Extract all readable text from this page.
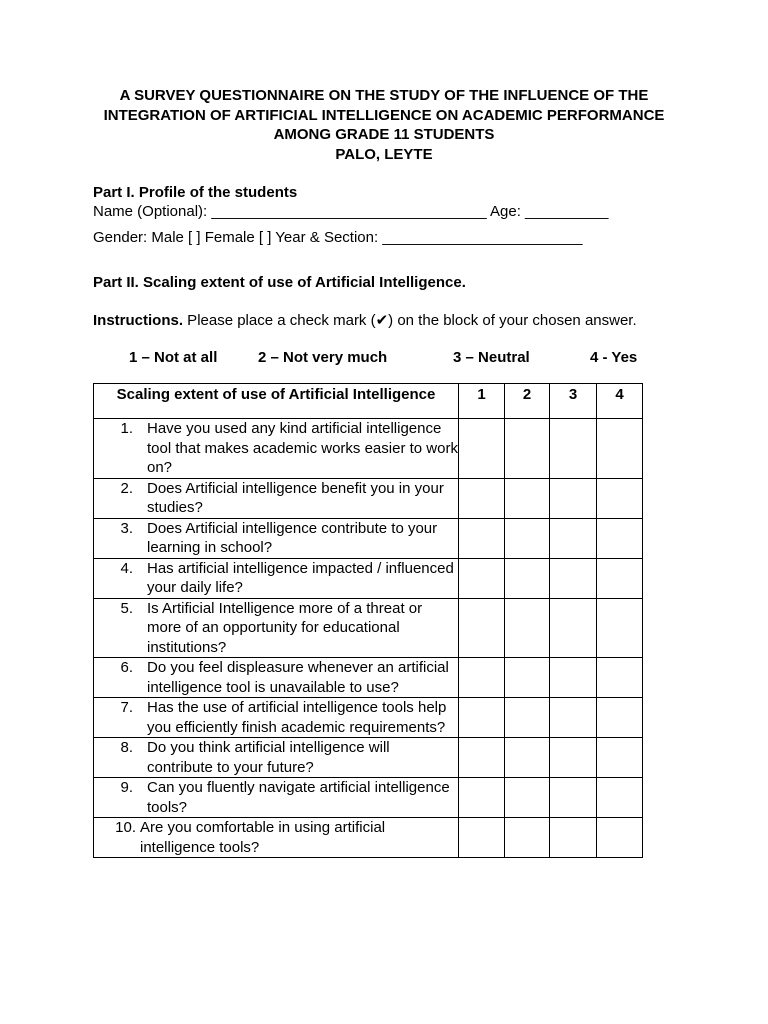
A SURVEY QUESTIONNAIRE ON THE STUDY OF THE INFLUENCE OF THE
INTEGRATION OF ARTIFICIAL INTELLIGENCE ON ACADEMIC PERFORMANCE
AMONG GRADE 11 STUDENTS
PALO, LEYTE
Part I. Profile of the students
Name (Optional): _________________________________ Age: __________
Gender: Male [ ] Female [ ] Year & Section: ________________________
Part II. Scaling extent of use of Artificial Intelligence.
Instructions. Please place a check mark (✔) on the block of your chosen answer.
1 – Not at all	2 – Not very much	3 – Neutral	4 - Yes
Scaling extent of use of Artificial Intelligence	1	2	3	4

1. Have you used any kind artificial intelligence tool that makes academic works easier to work on?				

2. Does Artificial intelligence benefit you in your studies?				

3. Does Artificial intelligence contribute to your learning in school?				

4. Has artificial intelligence impacted / influenced your daily life?				

5. Is Artificial Intelligence more of a threat or more of an opportunity for educational institutions?				

6. Do you feel displeasure whenever an artificial intelligence tool is unavailable to use?				

7. Has the use of artificial intelligence tools help you efficiently finish academic requirements?				

8. Do you think artificial intelligence will contribute to your future?				

9. Can you fluently navigate artificial intelligence tools?				

10. Are you comfortable in using artificial intelligence tools?				
